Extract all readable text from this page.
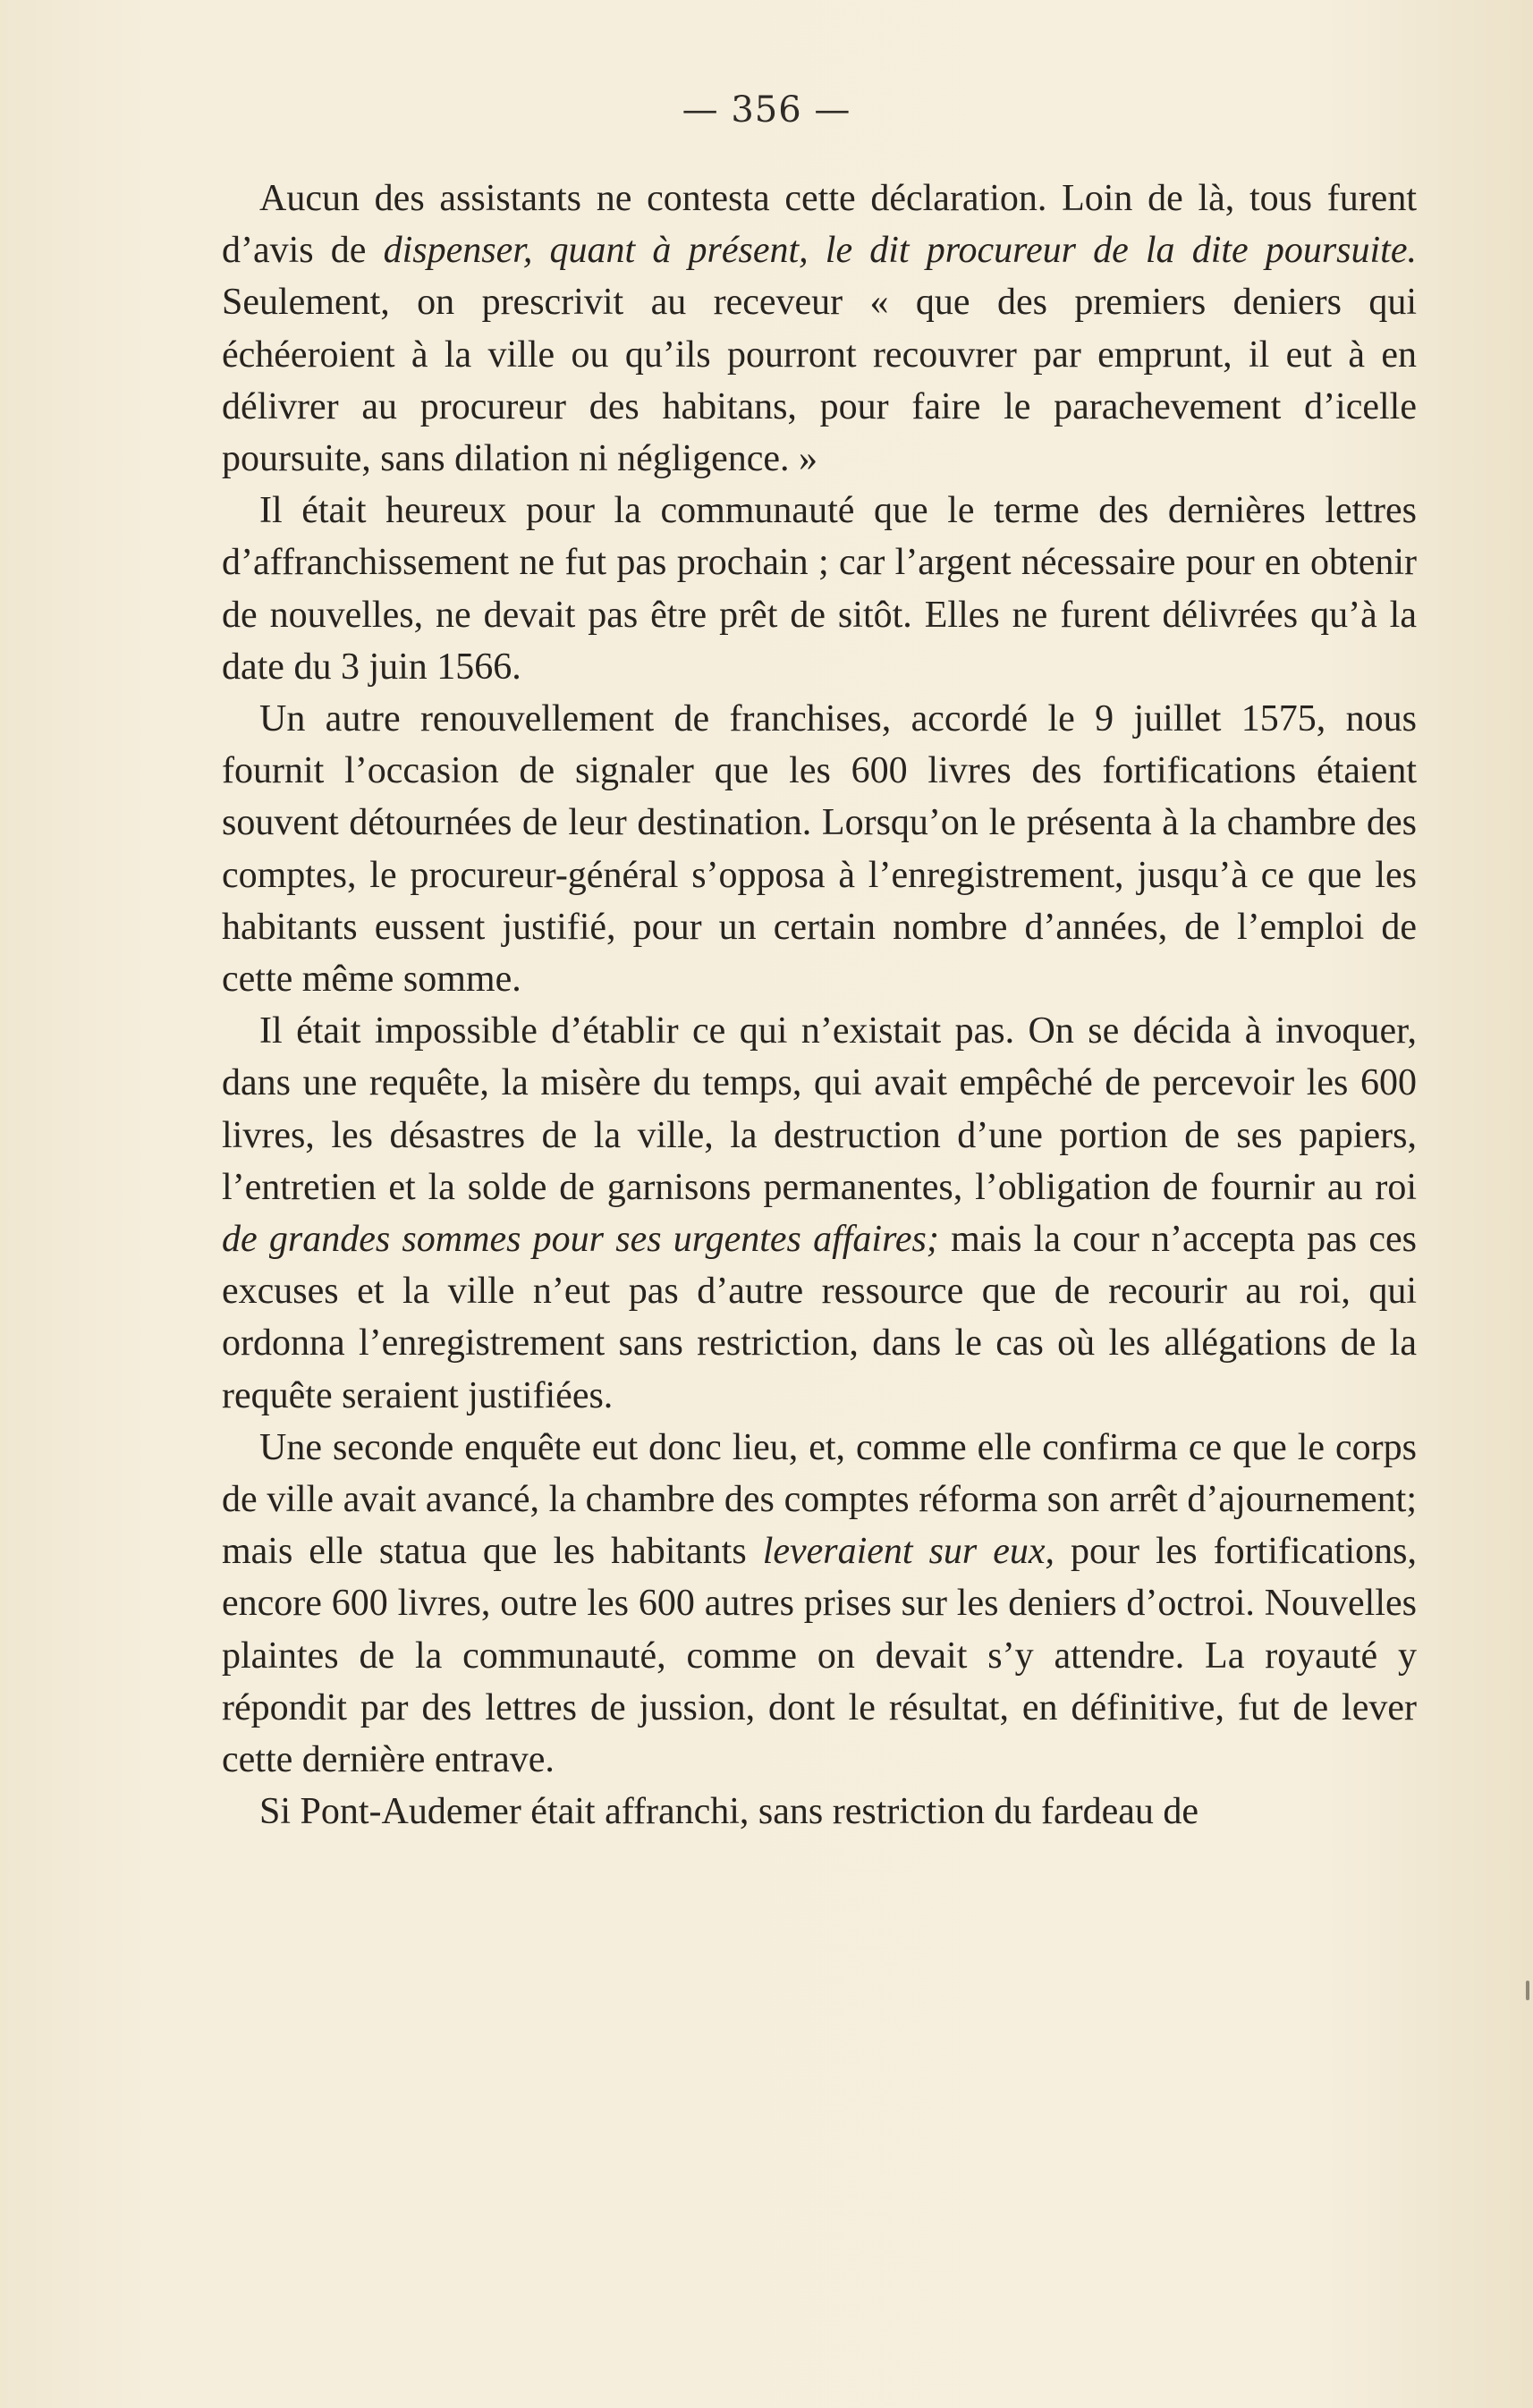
— 356 —

Aucun des assistants ne contesta cette déclaration. Loin de là, tous furent d’avis de dispenser, quant à présent, le dit procureur de la dite poursuite. Seulement, on prescrivit au receveur « que des premiers deniers qui échéeroient à la ville ou qu’ils pourront recouvrer par emprunt, il eut à en délivrer au procureur des habitans, pour faire le parachevement d’icelle poursuite, sans dilation ni négligence. »

Il était heureux pour la communauté que le terme des dernières lettres d’affranchissement ne fut pas prochain ; car l’argent nécessaire pour en obtenir de nouvelles, ne devait pas être prêt de sitôt. Elles ne furent délivrées qu’à la date du 3 juin 1566.

Un autre renouvellement de franchises, accordé le 9 juillet 1575, nous fournit l’occasion de signaler que les 600 livres des fortifications étaient souvent détournées de leur destination. Lorsqu’on le présenta à la chambre des comptes, le procureur-général s’opposa à l’enregistrement, jusqu’à ce que les habitants eussent justifié, pour un certain nombre d’années, de l’emploi de cette même somme.

Il était impossible d’établir ce qui n’existait pas. On se décida à invoquer, dans une requête, la misère du temps, qui avait empêché de percevoir les 600 livres, les désastres de la ville, la destruction d’une portion de ses papiers, l’entretien et la solde de garnisons permanentes, l’obligation de fournir au roi de grandes sommes pour ses urgentes affaires; mais la cour n’accepta pas ces excuses et la ville n’eut pas d’autre ressource que de recourir au roi, qui ordonna l’enregistrement sans restriction, dans le cas où les allégations de la requête seraient justifiées.

Une seconde enquête eut donc lieu, et, comme elle confirma ce que le corps de ville avait avancé, la chambre des comptes réforma son arrêt d’ajournement; mais elle statua que les habitants leveraient sur eux, pour les fortifications, encore 600 livres, outre les 600 autres prises sur les deniers d’octroi. Nouvelles plaintes de la communauté, comme on devait s’y attendre. La royauté y répondit par des lettres de jussion, dont le résultat, en définitive, fut de lever cette dernière entrave.

Si Pont-Audemer était affranchi, sans restriction du fardeau de
